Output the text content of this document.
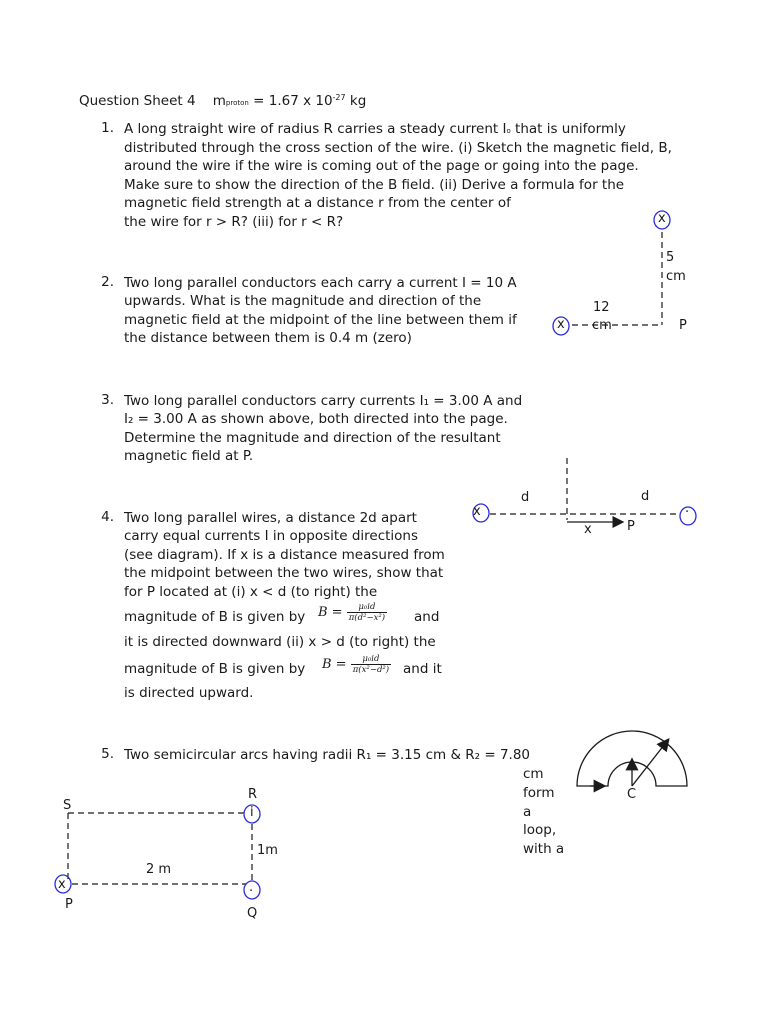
Question Sheet 4 mproton = 1.67 x $10^{-27}$ kg
1. A long straight wire of radius R carries a steady current Io that is uniformly
distributed through the cross section of the wire. (i) Sketch the magnetic field, B,
around the wire if the wire is coming out of the page or going into the page.
Make sure to show the direction of the B field. (ii) Derive a formula for the
magnetic field strength at a distance r from the center of
the wire for r > R? (iii) for r < R?
2. Two long parallel conductors each carry a current I = 10 A
upwards. What is the magnitude and direction of the
magnetic field at the midpoint of the line between them if
the distance between them is 0.4 m (zero)
3. Two long parallel conductors carry currents I₁ = 3.00 A and
I₂ = 3.00 A as shown above, both directed into the page.
Determine the magnitude and direction of the resultant
magnetic field at P.
4. Two long parallel wires, a distance 2d apart
carry equal currents I in opposite directions
(see diagram). If x is a distance measured from
the midpoint between the two wires, show that
for P located at (i) x < d (to right) the
magnitude of B is given by $B = \frac{\text{μ₀id}}{\text{π(d²−x²)}}$ and
it is directed downward (ii) x > d (to right) the
magnitude of B is given by $B = \frac{\text{μ₀id}}{\text{π(x²−d²)}}$ and it
is directed upward.
5. Two semicircular arcs having radii R₁ = 3.15 cm & R₂ = 7.80
cm
form
a
loop,
with a
x
5
cm
12
cm
x	P
x	·
d	d
x	P
C
S
R
i
.
x
P
Q
2 m
1m
